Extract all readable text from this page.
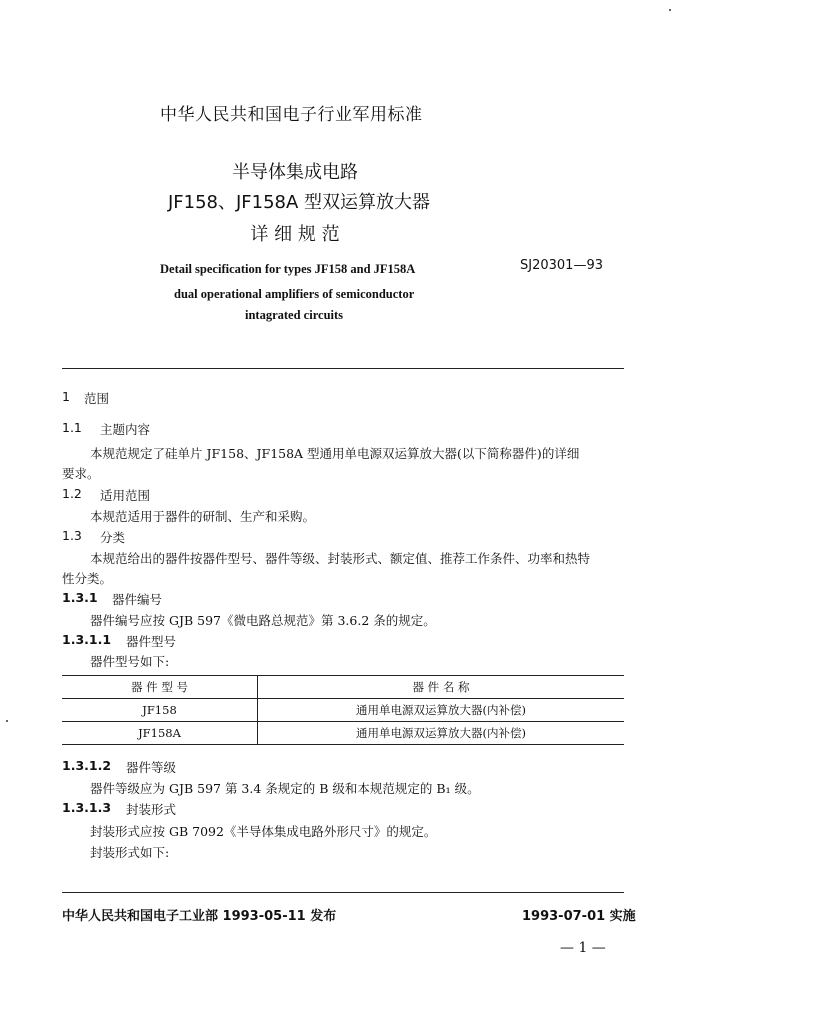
中华人民共和国电子行业军用标准
半导体集成电路
JF158、JF158A 型双运算放大器
详 细 规 范
Detail specification for types JF158 and JF158A
dual operational amplifiers of semiconductor
intagrated circuits
SJ20301—93
1 范围
1.1 主题内容
本规范规定了硅单片 JF158、JF158A 型通用单电源双运算放大器(以下简称器件)的详细
要求。
1.2 适用范围
本规范适用于器件的研制、生产和采购。
1.3 分类
本规范给出的器件按器件型号、器件等级、封装形式、额定值、推荐工作条件、功率和热特
性分类。
1.3.1 器件编号
器件编号应按 GJB 597《微电路总规范》第 3.6.2 条的规定。
1.3.1.1 器件型号
器件型号如下:
器 件 型 号	器 件 名 称
JF158	通用单电源双运算放大器(内补偿)
JF158A	通用单电源双运算放大器(内补偿)
1.3.1.2 器件等级
器件等级应为 GJB 597 第 3.4 条规定的 B 级和本规范规定的 B₁ 级。
1.3.1.3 封装形式
封装形式应按 GB 7092《半导体集成电路外形尺寸》的规定。
封装形式如下:
中华人民共和国电子工业部 1993-05-11 发布	1993-07-01 实施
— 1 —
